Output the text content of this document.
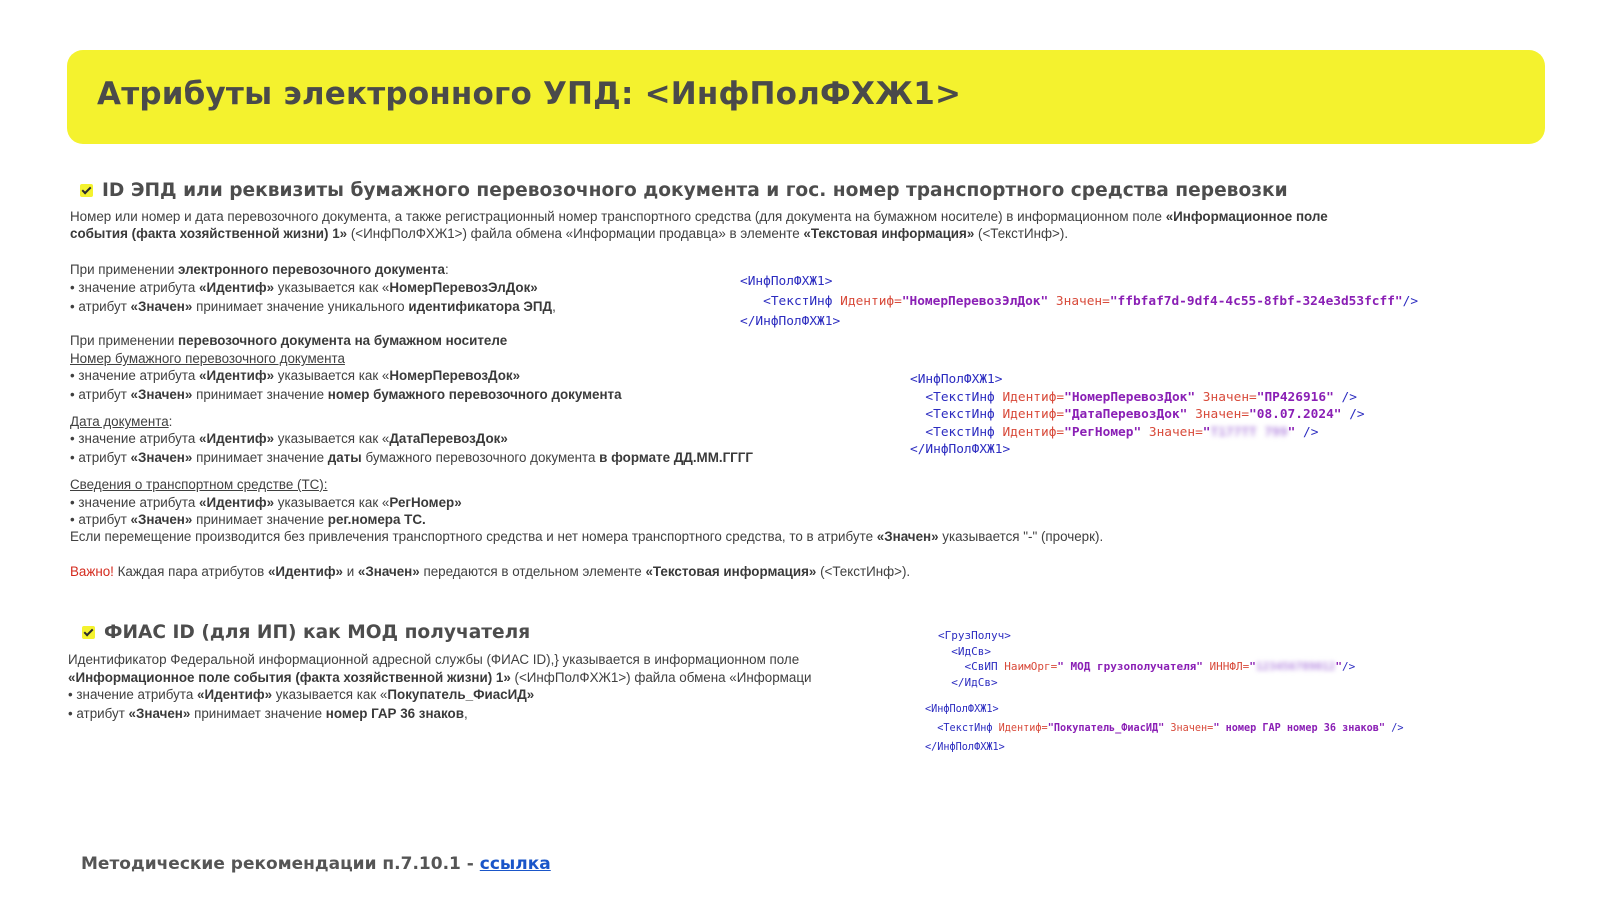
Атрибуты электронного УПД: <ИнфПолФХЖ1>
ID ЭПД или реквизиты бумажного перевозочного документа и гос. номер транспортного средства перевозки
Номер или номер и дата перевозочного документа, а также регистрационный номер транспортного средства (для документа на бумажном носителе) в информационном поле «Информационное поле
события (факта хозяйственной жизни) 1» (<ИнфПолФХЖ1>) файла обмена «Информации продавца» в элементе «Текстовая информация» (<ТекстИнф>).
При применении электронного перевозочного документа:
• значение атрибута «Идентиф» указывается как «НомерПеревозЭлДок»
• атрибут «Значен» принимает значение уникального идентификатора ЭПД,
При применении перевозочного документа на бумажном носителе
Номер бумажного перевозочного документа
• значение атрибута «Идентиф» указывается как «НомерПеревозДок»
• атрибут «Значен» принимает значение номер бумажного перевозочного документа
Дата документа:
• значение атрибута «Идентиф» указывается как «ДатаПеревозДок»
• атрибут «Значен» принимает значение даты бумажного перевозочного документа в формате ДД.ММ.ГГГГ
Сведения о транспортном средстве (ТС):
• значение атрибута «Идентиф» указывается как «РегНомер»
• атрибут «Значен» принимает значение рег.номера ТС.
Если перемещение производится без привлечения транспортного средства и нет номера транспортного средства, то в атрибуте «Значен» указывается "-" (прочерк).
Важно! Каждая пара атрибутов «Идентиф» и «Значен» передаются в отдельном элементе «Текстовая информация» (<ТекстИнф>).
<ИнфПолФХЖ1>
<ТекстИнф Идентиф="НомерПеревозЭлДок" Значен="ffbfaf7d-9df4-4c55-8fbf-324e3d53fcff"/>
</ИнфПолФХЖ1>
<ИнфПолФХЖ1>
<ТекстИнф Идентиф="НомерПеревозДок" Значен="ПР426916" />
<ТекстИнф Идентиф="ДатаПеревозДок" Значен="08.07.2024" />
<ТекстИнф Идентиф="РегНомер" Значен="Т177ТТ 799" />
</ИнфПолФХЖ1>
ФИАС ID (для ИП) как МОД получателя
Идентификатор Федеральной информационной адресной службы (ФИАС ID),} указывается в информационном поле
«Информационное поле события (факта хозяйственной жизни) 1» (<ИнфПолФХЖ1>) файла обмена «Информаци
• значение атрибута «Идентиф» указывается как «Покупатель_ФиасИД»
• атрибут «Значен» принимает значение номер ГАР 36 знаков,
<ГрузПолуч>
<ИдСв>
<СвИП НаимОрг=" МОД грузополучателя" ИННФЛ="123456789012"/>
</ИдСв>
<ИнфПолФХЖ1>
<ТекстИнф Идентиф="Покупатель_ФиасИД" Значен=" номер ГАР номер 36 знаков" />
</ИнфПолФХЖ1>
Методические рекомендации п.7.10.1 - ссылка
